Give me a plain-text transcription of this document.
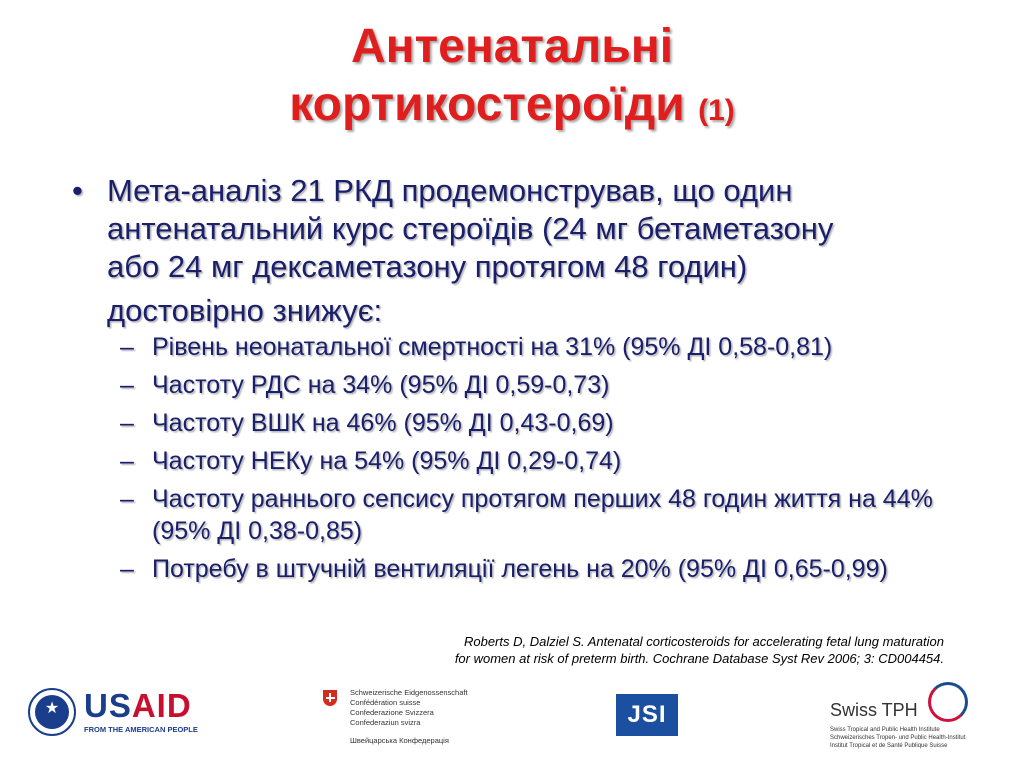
Антенатальні
кортикостероїди (1)
• Мета-аналіз 21 РКД продемонстрував, що один
антенатальний курс стероїдів (24 мг бетаметазону
або 24 мг дексаметазону протягом 48 годин)
достовірно знижує:
– Рівень неонатальної смертності на 31% (95% ДІ 0,58-0,81)
– Частоту РДС на 34% (95% ДІ 0,59-0,73)
– Частоту ВШК на 46% (95% ДІ 0,43-0,69)
– Частоту НЕКу на 54% (95% ДІ 0,29-0,74)
– Частоту раннього сепсису протягом перших 48 годин життя на 44% (95% ДІ 0,38-0,85)
– Потребу в штучній вентиляції легень на 20% (95% ДІ 0,65-0,99)
Roberts D, Dalziel S. Antenatal corticosteroids for accelerating fetal lung maturation
for women at risk of preterm birth. Cochrane Database Syst Rev 2006; 3: CD004454.
★ USAID
FROM THE AMERICAN PEOPLE
Schweizerische Eidgenossenschaft
Confédération suisse
Confederazione Svizzera
Confederaziun svizra
Швейцарська Конфедерація
JSI	Swiss TPH
Swiss Tropical and Public Health Institute
Schweizerisches Tropen- und Public Health-Institut
Institut Tropical et de Santé Publique Suisse
